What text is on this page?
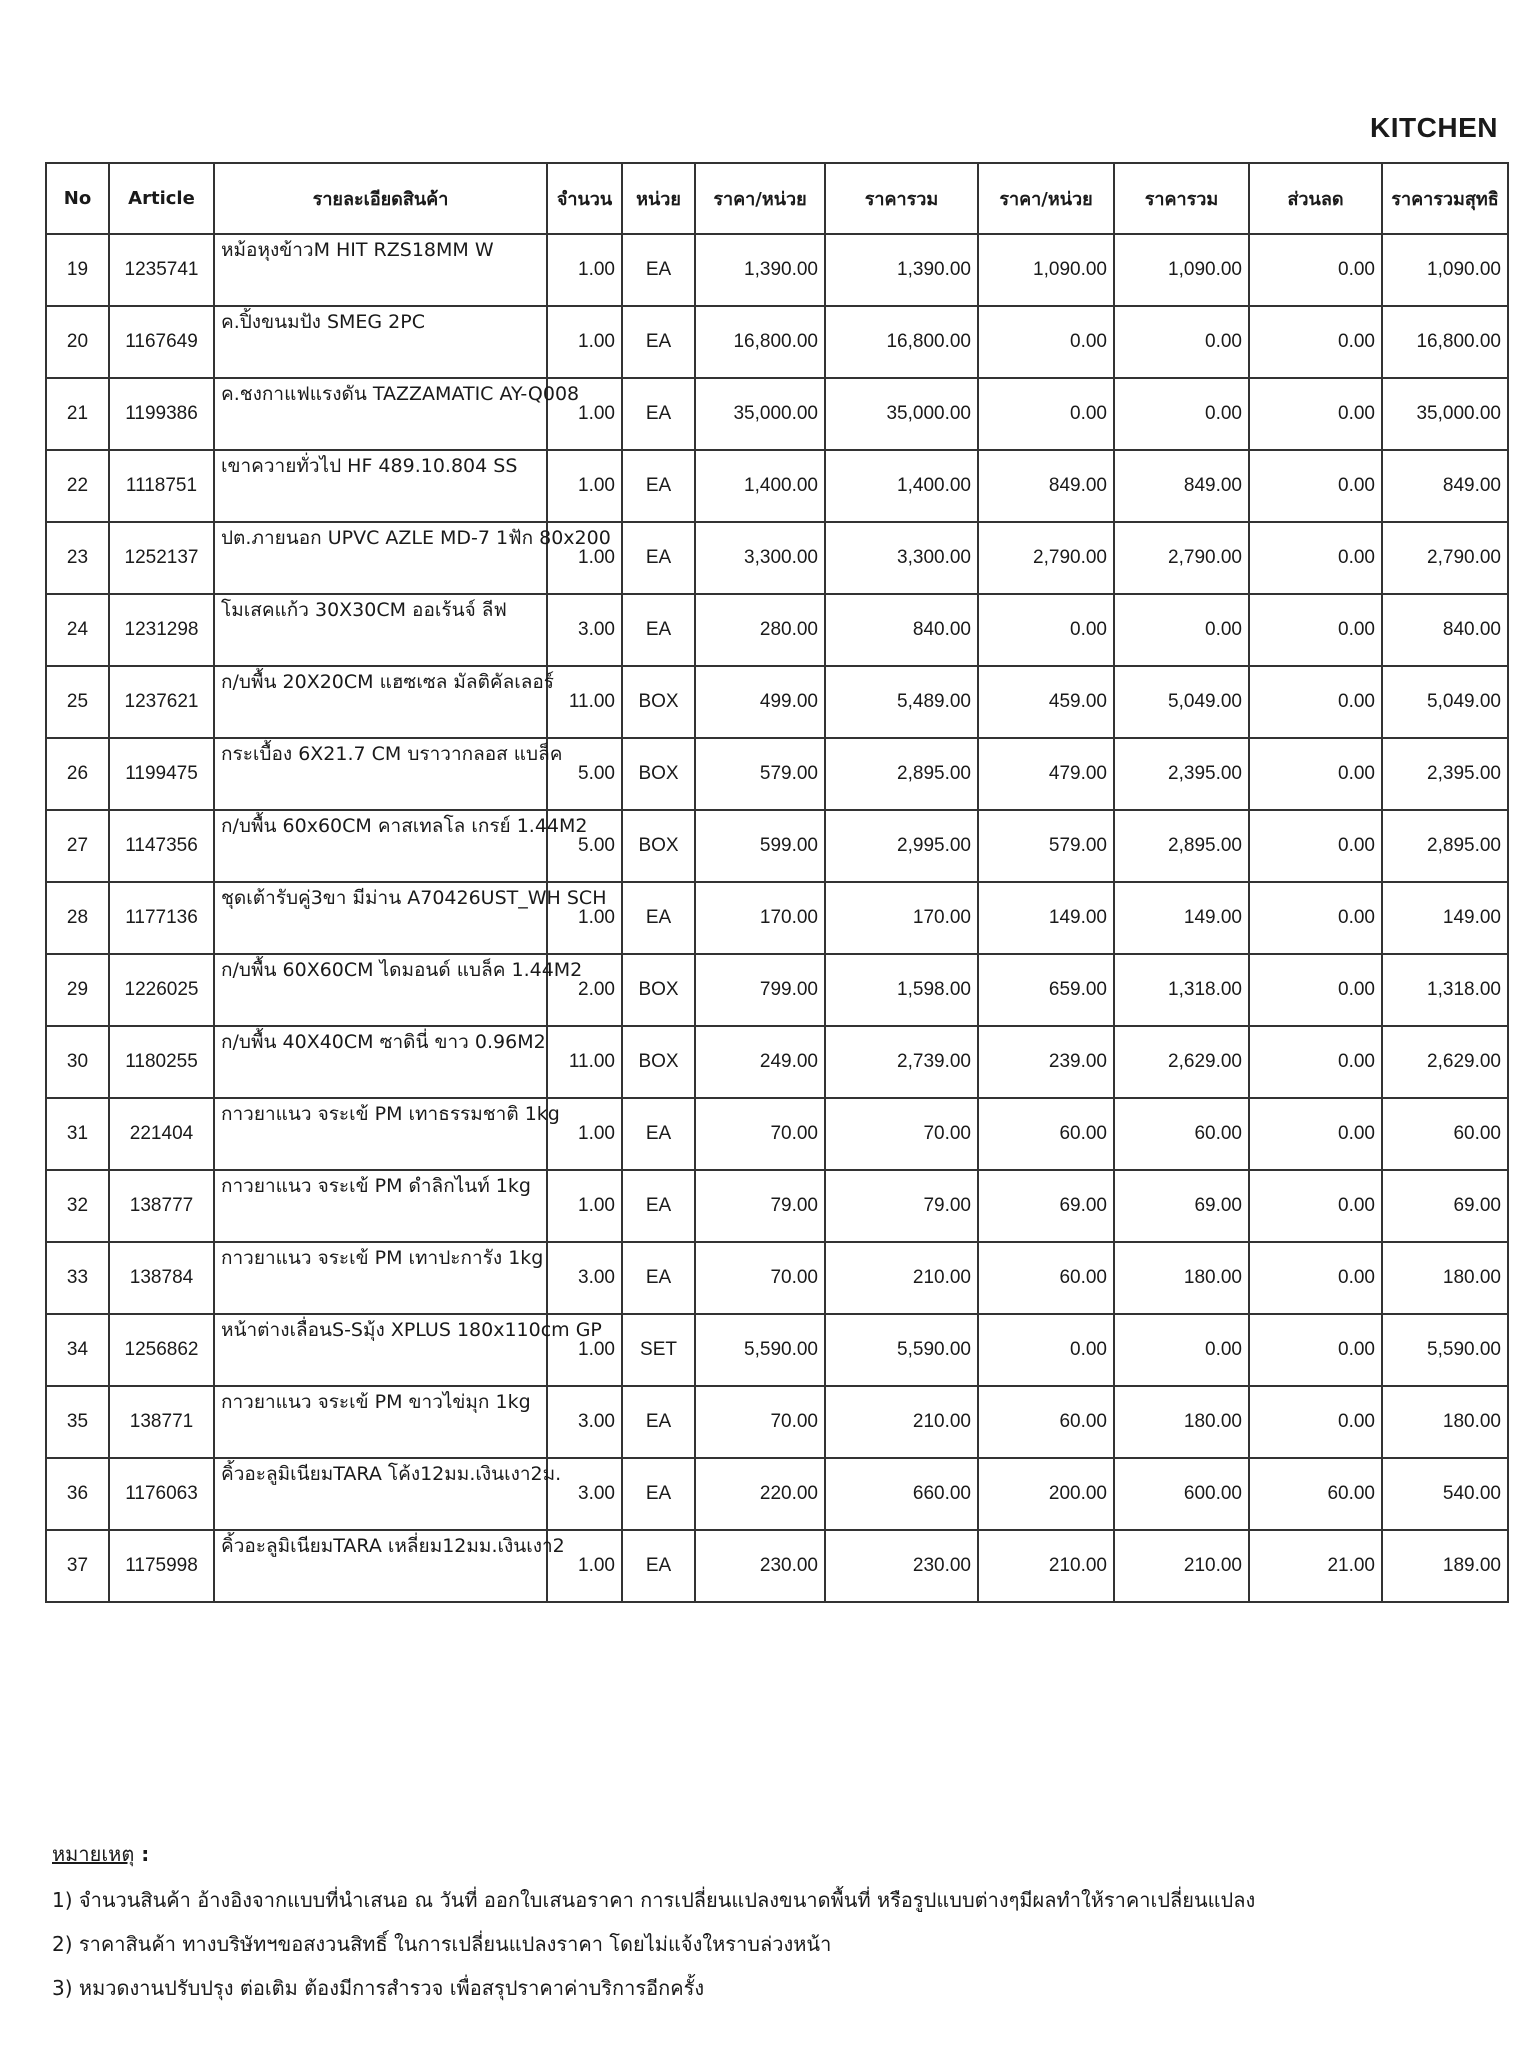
KITCHEN
No	Article	รายละเอียดสินค้า	จำนวน	หน่วย	ราคา/หน่วย	ราคารวม	ราคา/หน่วย	ราคารวม	ส่วนลด	ราคารวมสุทธิ
19	1235741	หม้อหุงข้าวM HIT RZS18MM W	1.00	EA	1,390.00	1,390.00	1,090.00	1,090.00	0.00	1,090.00
20	1167649	ค.ปิ้งขนมปัง SMEG 2PC	1.00	EA	16,800.00	16,800.00	0.00	0.00	0.00	16,800.00
21	1199386	ค.ชงกาแฟแรงดัน TAZZAMATIC AY-Q008	1.00	EA	35,000.00	35,000.00	0.00	0.00	0.00	35,000.00
22	1118751	เขาควายทั่วไป HF 489.10.804 SS	1.00	EA	1,400.00	1,400.00	849.00	849.00	0.00	849.00
23	1252137	ปต.ภายนอก UPVC AZLE MD-7 1ฟัก 80x200	1.00	EA	3,300.00	3,300.00	2,790.00	2,790.00	0.00	2,790.00
24	1231298	โมเสคแก้ว 30X30CM ออเร้นจ์ ลีฟ	3.00	EA	280.00	840.00	0.00	0.00	0.00	840.00
25	1237621	ก/บพื้น 20X20CM แฮซเซล มัลติคัลเลอร์	11.00	BOX	499.00	5,489.00	459.00	5,049.00	0.00	5,049.00
26	1199475	กระเบื้อง 6X21.7 CM บราวากลอส แบล็ค	5.00	BOX	579.00	2,895.00	479.00	2,395.00	0.00	2,395.00
27	1147356	ก/บพื้น 60x60CM คาสเทลโล เกรย์ 1.44M2	5.00	BOX	599.00	2,995.00	579.00	2,895.00	0.00	2,895.00
28	1177136	ชุดเต้ารับคู่3ขา มีม่าน A70426UST_WH SCH	1.00	EA	170.00	170.00	149.00	149.00	0.00	149.00
29	1226025	ก/บพื้น 60X60CM ไดมอนด์ แบล็ค 1.44M2	2.00	BOX	799.00	1,598.00	659.00	1,318.00	0.00	1,318.00
30	1180255	ก/บพื้น 40X40CM ซาดินี่ ขาว 0.96M2	11.00	BOX	249.00	2,739.00	239.00	2,629.00	0.00	2,629.00
31	221404	กาวยาแนว จระเข้ PM เทาธรรมชาติ 1kg	1.00	EA	70.00	70.00	60.00	60.00	0.00	60.00
32	138777	กาวยาแนว จระเข้ PM ดำลิกไนท์ 1kg	1.00	EA	79.00	79.00	69.00	69.00	0.00	69.00
33	138784	กาวยาแนว จระเข้ PM เทาปะการัง 1kg	3.00	EA	70.00	210.00	60.00	180.00	0.00	180.00
34	1256862	หน้าต่างเลื่อนS-Sมุ้ง XPLUS 180x110cm GP	1.00	SET	5,590.00	5,590.00	0.00	0.00	0.00	5,590.00
35	138771	กาวยาแนว จระเข้ PM ขาวไข่มุก 1kg	3.00	EA	70.00	210.00	60.00	180.00	0.00	180.00
36	1176063	คิ้วอะลูมิเนียมTARA โค้ง12มม.เงินเงา2ม.	3.00	EA	220.00	660.00	200.00	600.00	60.00	540.00
37	1175998	คิ้วอะลูมิเนียมTARA เหลี่ยม12มม.เงินเงา2	1.00	EA	230.00	230.00	210.00	210.00	21.00	189.00
หมายเหตุ :
1) จำนวนสินค้า อ้างอิงจากแบบที่นำเสนอ ณ วันที่ ออกใบเสนอราคา การเปลี่ยนแปลงขนาดพื้นที่ หรือรูปแบบต่างๆมีผลทำให้ราคาเปลี่ยนแปลง
2) ราคาสินค้า ทางบริษัทฯขอสงวนสิทธิ์ ในการเปลี่ยนแปลงราคา โดยไม่แจ้งใหราบล่วงหน้า
3) หมวดงานปรับปรุง ต่อเติม ต้องมีการสำรวจ เพื่อสรุปราคาค่าบริการอีกครั้ง
